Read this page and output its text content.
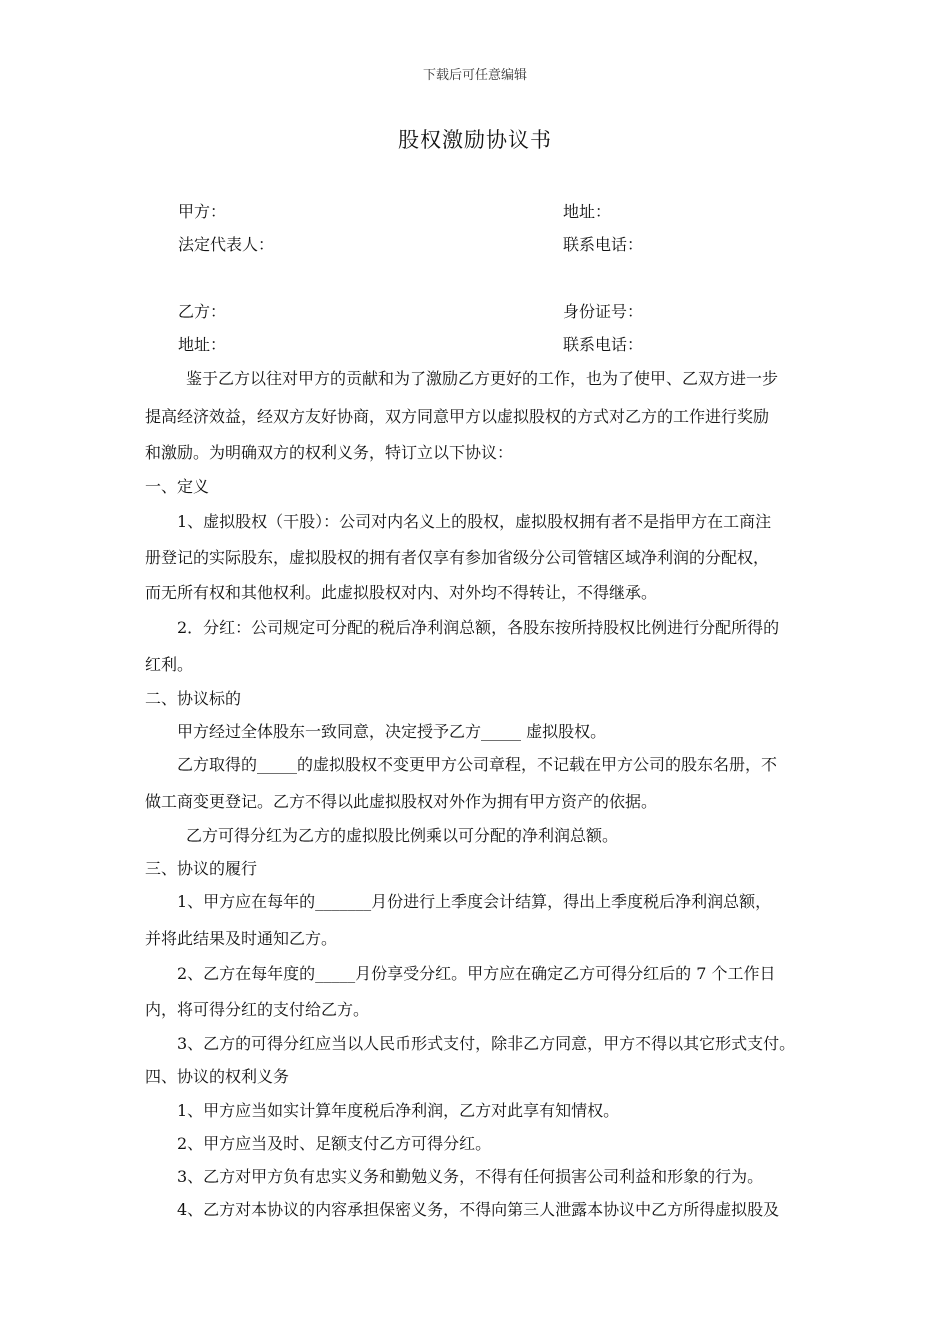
下载后可任意编辑
股权激励协议书
甲方：	地址：
法定代表人：	联系电话：
乙方：	身份证号：
地址：	联系电话：
鉴于乙方以往对甲方的贡献和为了激励乙方更好的工作，也为了使甲、乙双方进一步
提高经济效益，经双方友好协商，双方同意甲方以虚拟股权的方式对乙方的工作进行奖励
和激励。为明确双方的权利义务，特订立以下协议：
一、定义
1、虚拟股权（干股）：公司对内名义上的股权，虚拟股权拥有者不是指甲方在工商注
册登记的实际股东，虚拟股权的拥有者仅享有参加省级分公司管辖区域净利润的分配权，
而无所有权和其他权利。此虚拟股权对内、对外均不得转让，不得继承。
2．分红：公司规定可分配的税后净利润总额，各股东按所持股权比例进行分配所得的
红利。
二、协议标的
甲方经过全体股东一致同意，决定授予乙方_____ 虚拟股权。
乙方取得的_____的虚拟股权不变更甲方公司章程，不记载在甲方公司的股东名册，不
做工商变更登记。乙方不得以此虚拟股权对外作为拥有甲方资产的依据。
乙方可得分红为乙方的虚拟股比例乘以可分配的净利润总额。
三、协议的履行
1、甲方应在每年的_______月份进行上季度会计结算，得出上季度税后净利润总额，
并将此结果及时通知乙方。
2、乙方在每年度的_____月份享受分红。甲方应在确定乙方可得分红后的 7 个工作日
内，将可得分红的支付给乙方。
3、乙方的可得分红应当以人民币形式支付，除非乙方同意，甲方不得以其它形式支付。
四、协议的权利义务
1、甲方应当如实计算年度税后净利润，乙方对此享有知情权。
2、甲方应当及时、足额支付乙方可得分红。
3、乙方对甲方负有忠实义务和勤勉义务，不得有任何损害公司利益和形象的行为。
4、乙方对本协议的内容承担保密义务，不得向第三人泄露本协议中乙方所得虚拟股及
